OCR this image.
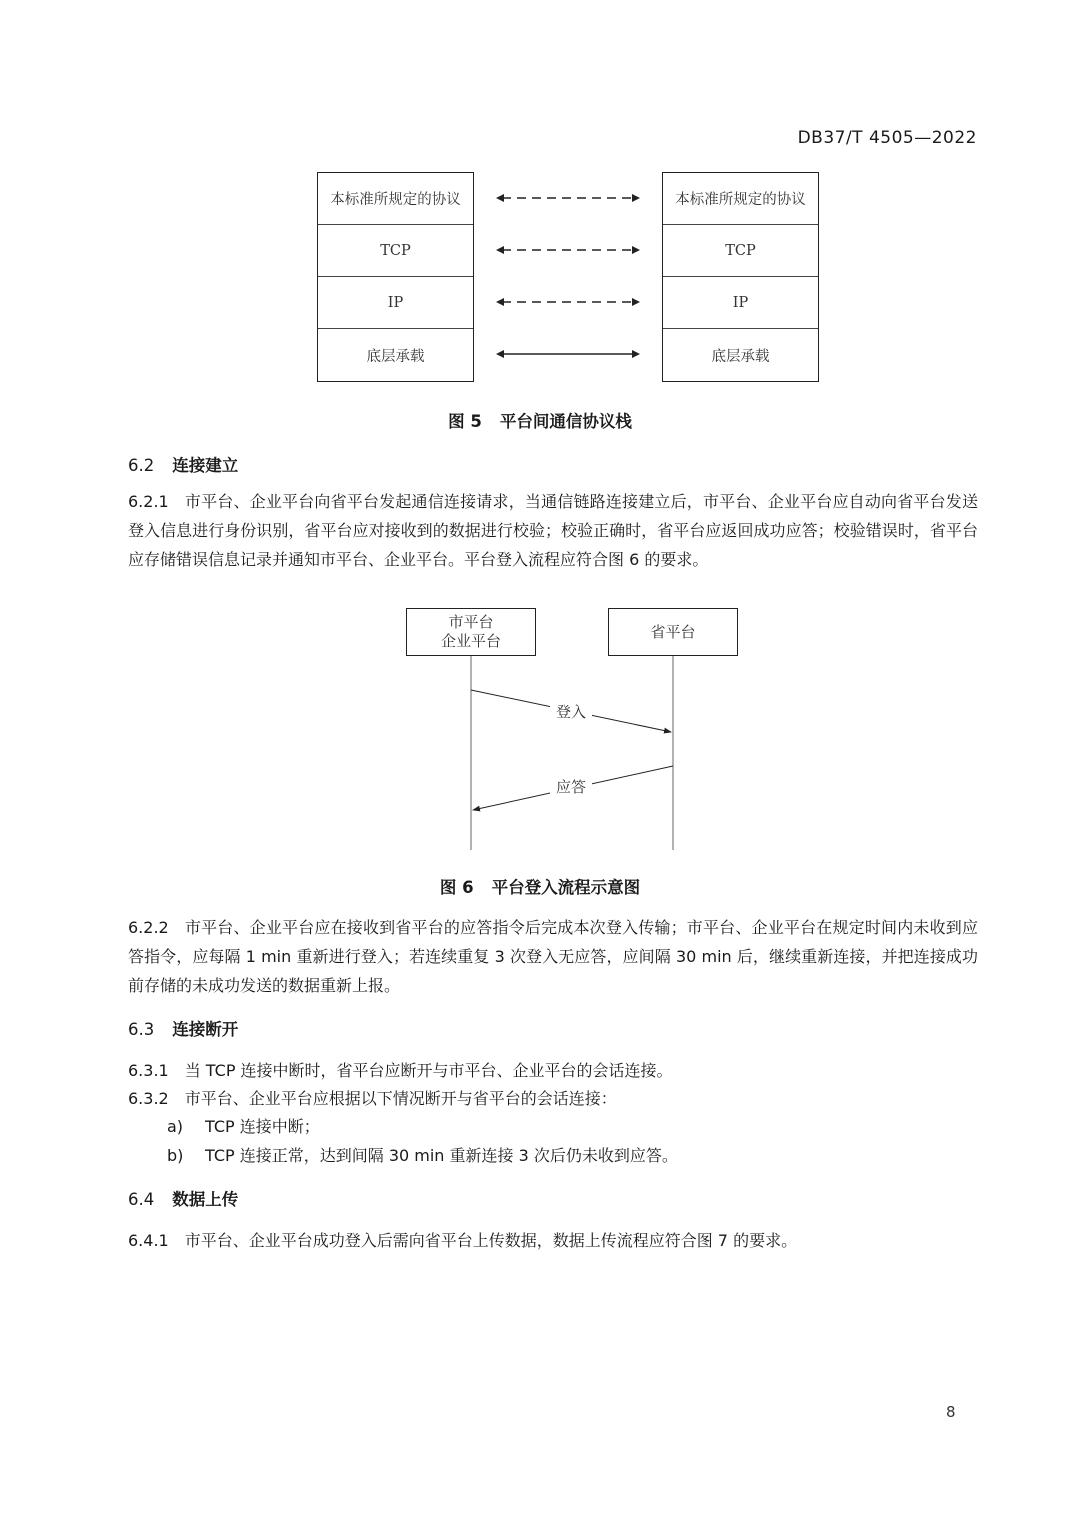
DB37/T 4505—2022
本标准所规定的协议
TCP
IP
底层承载
本标准所规定的协议
TCP
IP
底层承载
图 5 平台间通信协议栈
6.2 连接建立
6.2.1 市平台、企业平台向省平台发起通信连接请求，当通信链路连接建立后，市平台、企业平台应自动向省平台发送登入信息进行身份识别，省平台应对接收到的数据进行校验；校验正确时，省平台应返回成功应答；校验错误时，省平台应存储错误信息记录并通知市平台、企业平台。平台登入流程应符合图 6 的要求。
市平台
企业平台
省平台
登入
应答
图 6 平台登入流程示意图
6.2.2 市平台、企业平台应在接收到省平台的应答指令后完成本次登入传输；市平台、企业平台在规定时间内未收到应答指令，应每隔 1 min 重新进行登入；若连续重复 3 次登入无应答，应间隔 30 min 后，继续重新连接，并把连接成功前存储的未成功发送的数据重新上报。
6.3 连接断开
6.3.1 当 TCP 连接中断时，省平台应断开与市平台、企业平台的会话连接。
6.3.2 市平台、企业平台应根据以下情况断开与省平台的会话连接：
a) TCP 连接中断；
b) TCP 连接正常，达到间隔 30 min 重新连接 3 次后仍未收到应答。
6.4 数据上传
6.4.1 市平台、企业平台成功登入后需向省平台上传数据，数据上传流程应符合图 7 的要求。
8
